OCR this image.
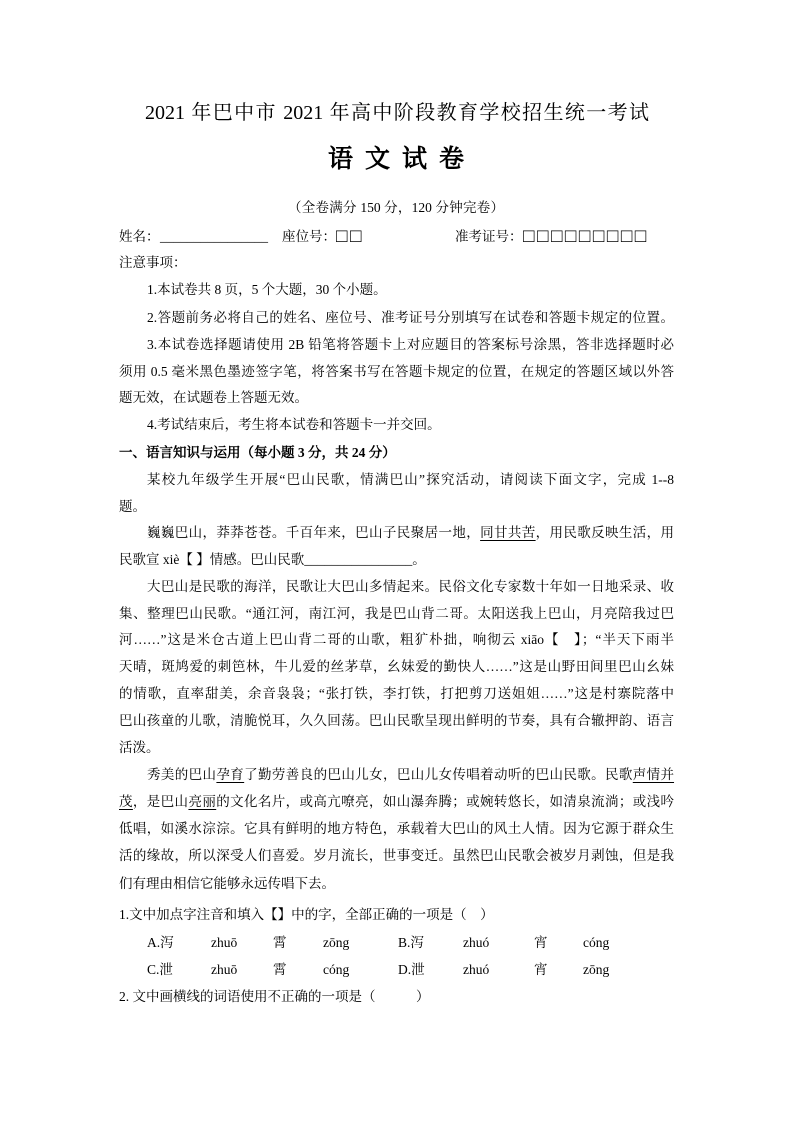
2021 年巴中市 2021 年高中阶段教育学校招生统一考试
语 文 试 卷
（全卷满分 150 分，120 分钟完卷）
姓名： ________________ 座位号： □□	准考证号： □□□□□□□□□
注意事项：
1.本试卷共 8 页，5 个大题，30 个小题。
2.答题前务必将自己的姓名、座位号、准考证号分别填写在试卷和答题卡规定的位置。
3.本试卷选择题请使用 2B 铅笔将答题卡上对应题目的答案标号涂黑，答非选择题时必
须用 0.5 毫米黑色墨迹签字笔，将答案书写在答题卡规定的位置，在规定的答题区域以外答
题无效，在试题卷上答题无效。
4.考试结束后，考生将本试卷和答题卡一并交回。
一、语言知识与运用（每小题 3 分，共 24 分）
某校九年级学生开展“巴山民歌，情满巴山”探究活动，请阅读下面文字，完成 1--8
题。
巍巍巴山，莽莽苍苍。千百年来，巴山子民聚居一地，同甘共苦，用民歌反映生活，用
民歌宣 xiè【 】情感。巴山民歌________________。
大巴山是民歌的海洋，民歌让大巴山多情起来。民俗文化专家数十年如一日地采录、收
集、整理巴山民歌。“通江河，南江河，我是巴山背二哥。太阳送我上巴山，月亮陪我过巴
河……”这是米仓古道上巴山背二哥的山歌，粗犷朴拙，响彻云 xiāo【　】；“半天下雨半
天晴，斑鸠爱的刺笆林，牛儿爱的丝茅草，幺妹爱的勤快人……”这是山野田间里巴山幺妹
的情歌，直率甜美，余音袅袅；“张打铁，李打铁，打把剪刀送姐姐……”这是村寨院落中
巴山孩童的儿歌，清脆悦耳，久久回荡。巴山民歌呈现出鲜明的节奏，具有合辙押韵、语言
活泼。
秀美的巴山孕育了勤劳善良的巴山儿女，巴山儿女传唱着动听的巴山民歌。民歌声情并
茂，是巴山亮丽的文化名片，或高亢嘹亮，如山瀑奔腾；或婉转悠长，如清泉流淌；或浅吟
低唱，如溪水淙淙。它具有鲜明的地方特色，承载着大巴山的风土人情。因为它源于群众生
活的缘故，所以深受人们喜爱。岁月流长，世事变迁。虽然巴山民歌会被岁月剥蚀，但是我
们有理由相信它能够永远传唱下去。
1.文中加点字注音和填入【】中的字，全部正确的一项是（　）
A.泻	zhuō	霄	zōng	B.泻	zhuó	宵	cóng
C.泄	zhuō	霄	cóng	D.泄	zhuó	宵	zōng
2. 文中画横线的词语使用不正确的一项是（　　　）
